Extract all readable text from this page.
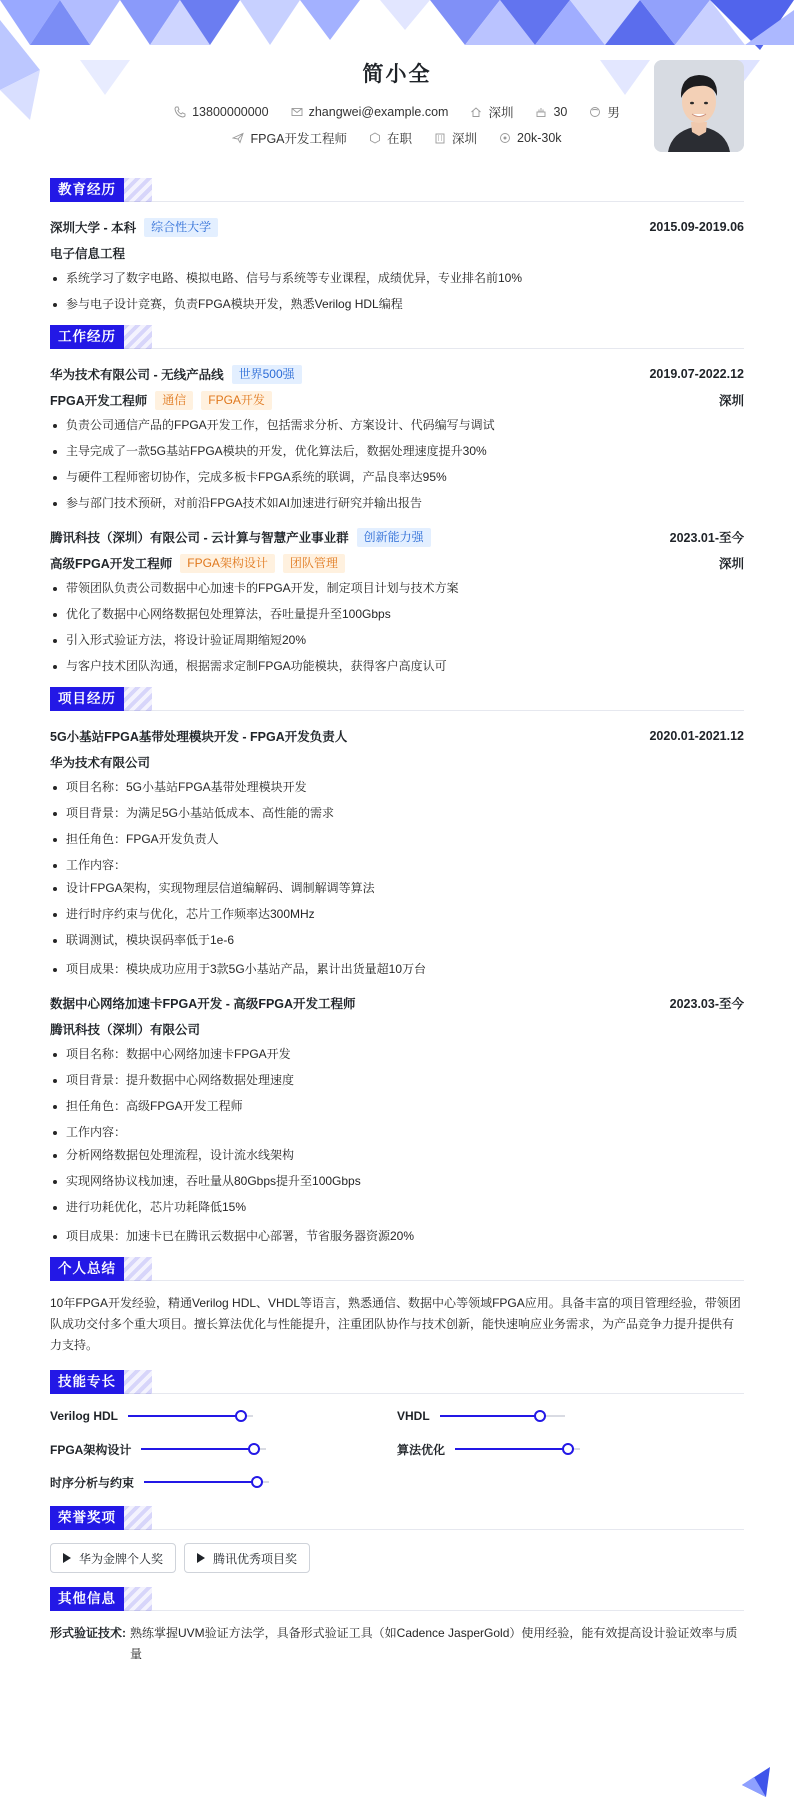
简小全
13800000000	zhangwei@example.com	深圳	30	男
FPGA开发工程师	在职	深圳	20k-30k
教育经历
深圳大学 - 本科	综合性大学	2015.09-2019.06
电子信息工程
系统学习了数字电路、模拟电路、信号与系统等专业课程，成绩优异，专业排名前10%
参与电子设计竞赛，负责FPGA模块开发，熟悉Verilog HDL编程
工作经历
华为技术有限公司 - 无线产品线	世界500强	2019.07-2022.12
FPGA开发工程师	通信	FPGA开发	深圳
负责公司通信产品的FPGA开发工作，包括需求分析、方案设计、代码编写与调试
主导完成了一款5G基站FPGA模块的开发，优化算法后，数据处理速度提升30%
与硬件工程师密切协作，完成多板卡FPGA系统的联调，产品良率达95%
参与部门技术预研，对前沿FPGA技术如AI加速进行研究并输出报告
腾讯科技（深圳）有限公司 - 云计算与智慧产业事业群	创新能力强	2023.01-至今
高级FPGA开发工程师	FPGA架构设计	团队管理	深圳
带领团队负责公司数据中心加速卡的FPGA开发，制定项目计划与技术方案
优化了数据中心网络数据包处理算法，吞吐量提升至100Gbps
引入形式验证方法，将设计验证周期缩短20%
与客户技术团队沟通，根据需求定制FPGA功能模块，获得客户高度认可
项目经历
5G小基站FPGA基带处理模块开发 - FPGA开发负责人	2020.01-2021.12
华为技术有限公司
项目名称：5G小基站FPGA基带处理模块开发
项目背景：为满足5G小基站低成本、高性能的需求
担任角色：FPGA开发负责人
工作内容：
设计FPGA架构，实现物理层信道编解码、调制解调等算法
进行时序约束与优化，芯片工作频率达300MHz
联调测试，模块误码率低于1e-6
项目成果：模块成功应用于3款5G小基站产品，累计出货量超10万台
数据中心网络加速卡FPGA开发 - 高级FPGA开发工程师	2023.03-至今
腾讯科技（深圳）有限公司
项目名称：数据中心网络加速卡FPGA开发
项目背景：提升数据中心网络数据处理速度
担任角色：高级FPGA开发工程师
工作内容：
分析网络数据包处理流程，设计流水线架构
实现网络协议栈加速，吞吐量从80Gbps提升至100Gbps
进行功耗优化，芯片功耗降低15%
项目成果：加速卡已在腾讯云数据中心部署，节省服务器资源20%
个人总结

10年FPGA开发经验，精通Verilog HDL、VHDL等语言，熟悉通信、数据中心等领域FPGA应用。具备丰富的项目管理经验，带领团队成功交付多个重大项目。擅长算法优化与性能提升，注重团队协作与技术创新，能快速响应业务需求，为产品竞争力提升提供有力支持。

技能专长
Verilog HDL	VHDL
FPGA架构设计	算法优化
时序分析与约束
荣誉奖项
华为金牌个人奖	腾讯优秀项目奖
其他信息
形式验证技术: 熟练掌握UVM验证方法学，具备形式验证工具（如Cadence JasperGold）使用经验，能有效提高设计验证效率与质量
